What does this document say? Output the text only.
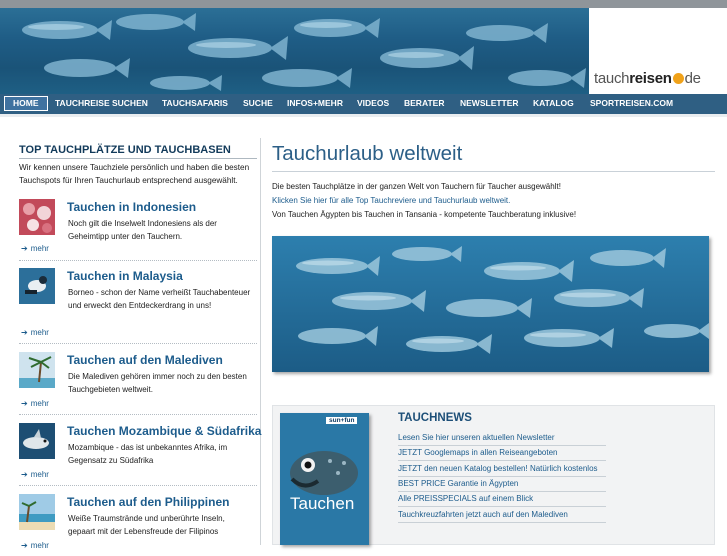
tauchreisen de
HOME	TAUCHREISE SUCHEN TAUCHSAFARIS SUCHE INFOS+MEHR VIDEOS BERATER NEWSLETTER KATALOG SPORTREISEN.COM
TOP TAUCHPLÄTZE UND TAUCHBASEN
Wir kennen unsere Tauchziele persönlich und haben die besten Tauchspots für Ihren Tauchurlaub entsprechend ausgewählt.
Tauchen in Indonesien
Noch gilt die Inselwelt Indonesiens als der Geheimtipp unter den Tauchern.
➔ mehr
Tauchen in Malaysia
Borneo - schon der Name verheißt Tauchabenteuer und erweckt den Entdeckerdrang in uns!
➔ mehr
Tauchen auf den Malediven
Die Malediven gehören immer noch zu den besten Tauchgebieten weltweit.
➔ mehr
Tauchen Mozambique & Südafrika
Mozambique - das ist unbekanntes Afrika, im Gegensatz zu Südafrika
➔ mehr
Tauchen auf den Philippinen
Weiße Traumstrände und unberührte Inseln, gepaart mit der Lebensfreude der Filipinos
➔ mehr
Tauchurlaub weltweit
Die besten Tauchplätze in der ganzen Welt von Tauchern für Taucher ausgewählt!
Klicken Sie hier für alle Top Tauchreviere und Tauchurlaub weltweit.
Von Tauchen Ägypten bis Tauchen in Tansania - kompetente Tauchberatung inklusive!
sun+fun
Tauchen
TAUCHNEWS
Lesen Sie hier unseren aktuellen Newsletter
JETZT Googlemaps in allen Reiseangeboten
JETZT den neuen Katalog bestellen! Natürlich kostenlos
BEST PRICE Garantie in Ägypten
Alle PREISSPECIALS auf einem Blick
Tauchkreuzfahrten jetzt auch auf den Malediven
